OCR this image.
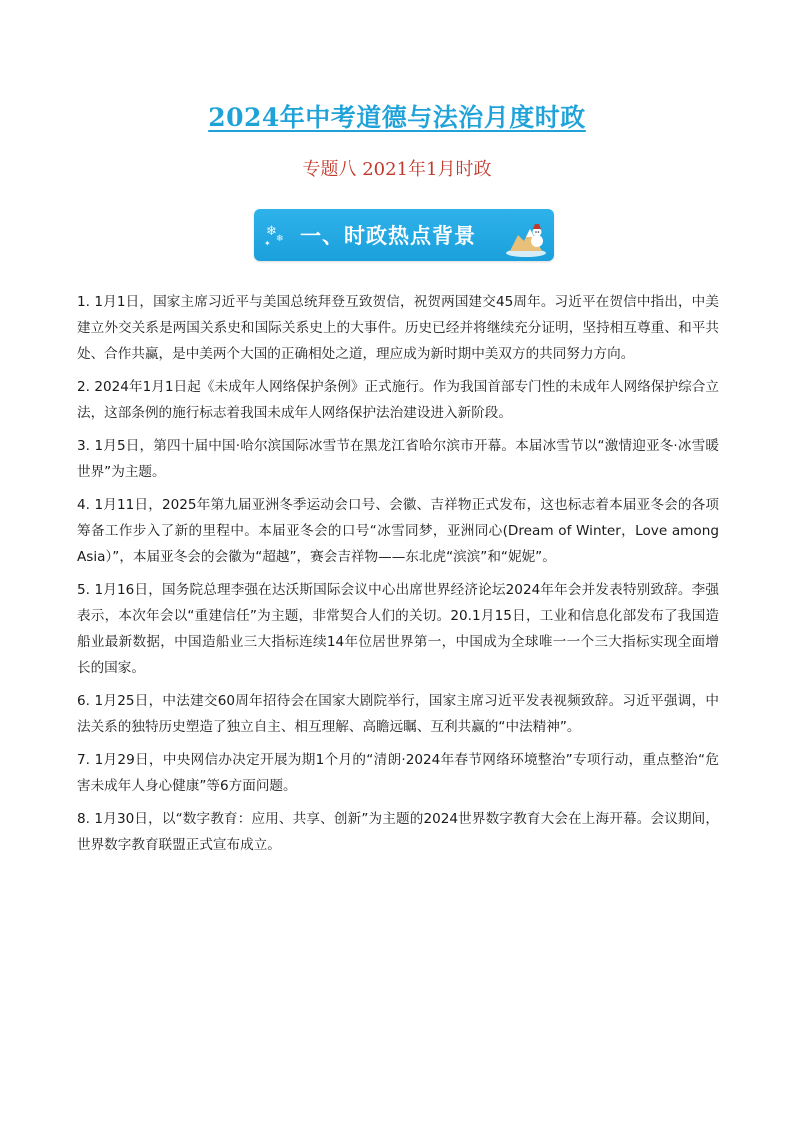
2024年中考道德与法治月度时政
专题八 2021年1月时政
❄ ❄
✦ 一、时政热点背景

1. 1月1日，国家主席习近平与美国总统拜登互致贺信，祝贺两国建交45周年。习近平在贺信中指出，中美建立外交关系是两国关系史和国际关系史上的大事件。历史已经并将继续充分证明，坚持相互尊重、和平共处、合作共赢，是中美两个大国的正确相处之道，理应成为新时期中美双方的共同努力方向。

2. 2024年1月1日起《未成年人网络保护条例》正式施行。作为我国首部专门性的未成年人网络保护综合立法，这部条例的施行标志着我国未成年人网络保护法治建设进入新阶段。

3. 1月5日，第四十届中国·哈尔滨国际冰雪节在黑龙江省哈尔滨市开幕。本届冰雪节以“激情迎亚冬·冰雪暖世界”为主题。

4. 1月11日，2025年第九届亚洲冬季运动会口号、会徽、吉祥物正式发布，这也标志着本届亚冬会的各项筹备工作步入了新的里程中。本届亚冬会的口号“冰雪同梦，亚洲同心(Dream of Winter，Love among Asia）”，本届亚冬会的会徽为“超越”，赛会吉祥物——东北虎“滨滨”和“妮妮”。

5. 1月16日，国务院总理李强在达沃斯国际会议中心出席世界经济论坛2024年年会并发表特别致辞。李强表示，本次年会以“重建信任”为主题，非常契合人们的关切。20.1月15日，工业和信息化部发布了我国造船业最新数据，中国造船业三大指标连续14年位居世界第一，中国成为全球唯一一个三大指标实现全面增长的国家。

6. 1月25日，中法建交60周年招待会在国家大剧院举行，国家主席习近平发表视频致辞。习近平强调，中法关系的独特历史塑造了独立自主、相互理解、高瞻远瞩、互利共赢的“中法精神”。

7. 1月29日，中央网信办决定开展为期1个月的“清朗·2024年春节网络环境整治”专项行动，重点整治“危害未成年人身心健康”等6方面问题。

8. 1月30日，以“数字教育：应用、共享、创新”为主题的2024世界数字教育大会在上海开幕。会议期间，世界数字教育联盟正式宣布成立。
